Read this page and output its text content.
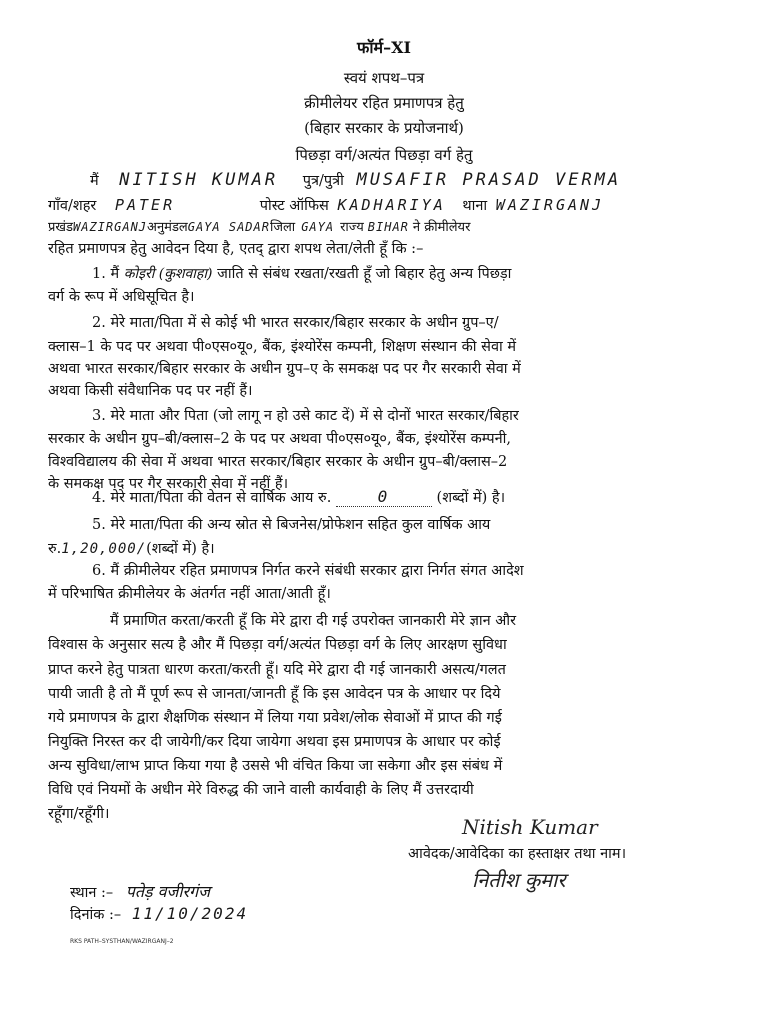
फॉर्म–XI
स्वयं शपथ–पत्र
क्रीमीलेयर रहित प्रमाणपत्र हेतु
(बिहार सरकार के प्रयोजनार्थ)
पिछड़ा वर्ग/अत्यंत पिछड़ा वर्ग हेतु
मैं NITISH KUMAR पुत्र/पुत्री MUSAFIR PRASAD VERMA
गाँव/शहर PATER	पोस्ट ऑफिस KADHARIYA थाना WAZIRGANJ
प्रखंडWAZIRGANJअनुमंडलGAYA SADARजिला GAYA राज्य BIHAR ने क्रीमीलेयर
रहित प्रमाणपत्र हेतु आवेदन दिया है, एतद् द्वारा शपथ लेता/लेती हूँ कि :–
1. मैं कोइरी (कुशवाहा) जाति से संबंध रखता/रखती हूँ जो बिहार हेतु अन्य पिछड़ा
वर्ग के रूप में अधिसूचित है।
2. मेरे माता/पिता में से कोई भी भारत सरकार/बिहार सरकार के अधीन ग्रुप–ए/
क्लास–1 के पद पर अथवा पी०एस०यू०, बैंक, इंश्योरेंस कम्पनी, शिक्षण संस्थान की सेवा में
अथवा भारत सरकार/बिहार सरकार के अधीन ग्रुप–ए के समकक्ष पद पर गैर सरकारी सेवा में
अथवा किसी संवैधानिक पद पर नहीं हैं।
3. मेरे माता और पिता (जो लागू न हो उसे काट दें) में से दोनों भारत सरकार/बिहार
सरकार के अधीन ग्रुप–बी/क्लास–2 के पद पर अथवा पी०एस०यू०, बैंक, इंश्योरेंस कम्पनी,
विश्वविद्यालय की सेवा में अथवा भारत सरकार/बिहार सरकार के अधीन ग्रुप–बी/क्लास–2
के समकक्ष पद पर गैर सरकारी सेवा में नहीं हैं।
4. मेरे माता/पिता की वेतन से वार्षिक आय रु.	0	(शब्दों में) है।
5. मेरे माता/पिता की अन्य स्रोत से बिजनेस/प्रोफेशन सहित कुल वार्षिक आय
रु.1,20,000/(शब्दों में) है।
6. मैं क्रीमीलेयर रहित प्रमाणपत्र निर्गत करने संबंधी सरकार द्वारा निर्गत संगत आदेश
में परिभाषित क्रीमीलेयर के अंतर्गत नहीं आता/आती हूँ।
मैं प्रमाणित करता/करती हूँ कि मेरे द्वारा दी गई उपरोक्त जानकारी मेरे ज्ञान और
विश्वास के अनुसार सत्य है और मैं पिछड़ा वर्ग/अत्यंत पिछड़ा वर्ग के लिए आरक्षण सुविधा
प्राप्त करने हेतु पात्रता धारण करता/करती हूँ। यदि मेरे द्वारा दी गई जानकारी असत्य/गलत
पायी जाती है तो मैं पूर्ण रूप से जानता/जानती हूँ कि इस आवेदन पत्र के आधार पर दिये
गये प्रमाणपत्र के द्वारा शैक्षणिक संस्थान में लिया गया प्रवेश/लोक सेवाओं में प्राप्त की गई
नियुक्ति निरस्त कर दी जायेगी/कर दिया जायेगा अथवा इस प्रमाणपत्र के आधार पर कोई
अन्य सुविधा/लाभ प्राप्त किया गया है उससे भी वंचित किया जा सकेगा और इस संबंध में
विधि एवं नियमों के अधीन मेरे विरुद्ध की जाने वाली कार्यवाही के लिए मैं उत्तरदायी
रहूँगा/रहूँगी।
Nitish Kumar
आवेदक/आवेदिका का हस्ताक्षर तथा नाम।
नितीश कुमार
स्थान :– पतेड़ वजीरगंज
दिनांक :– 11/10/2024
RKS PATH–SYSTHAN/WAZIRGANJ–2
